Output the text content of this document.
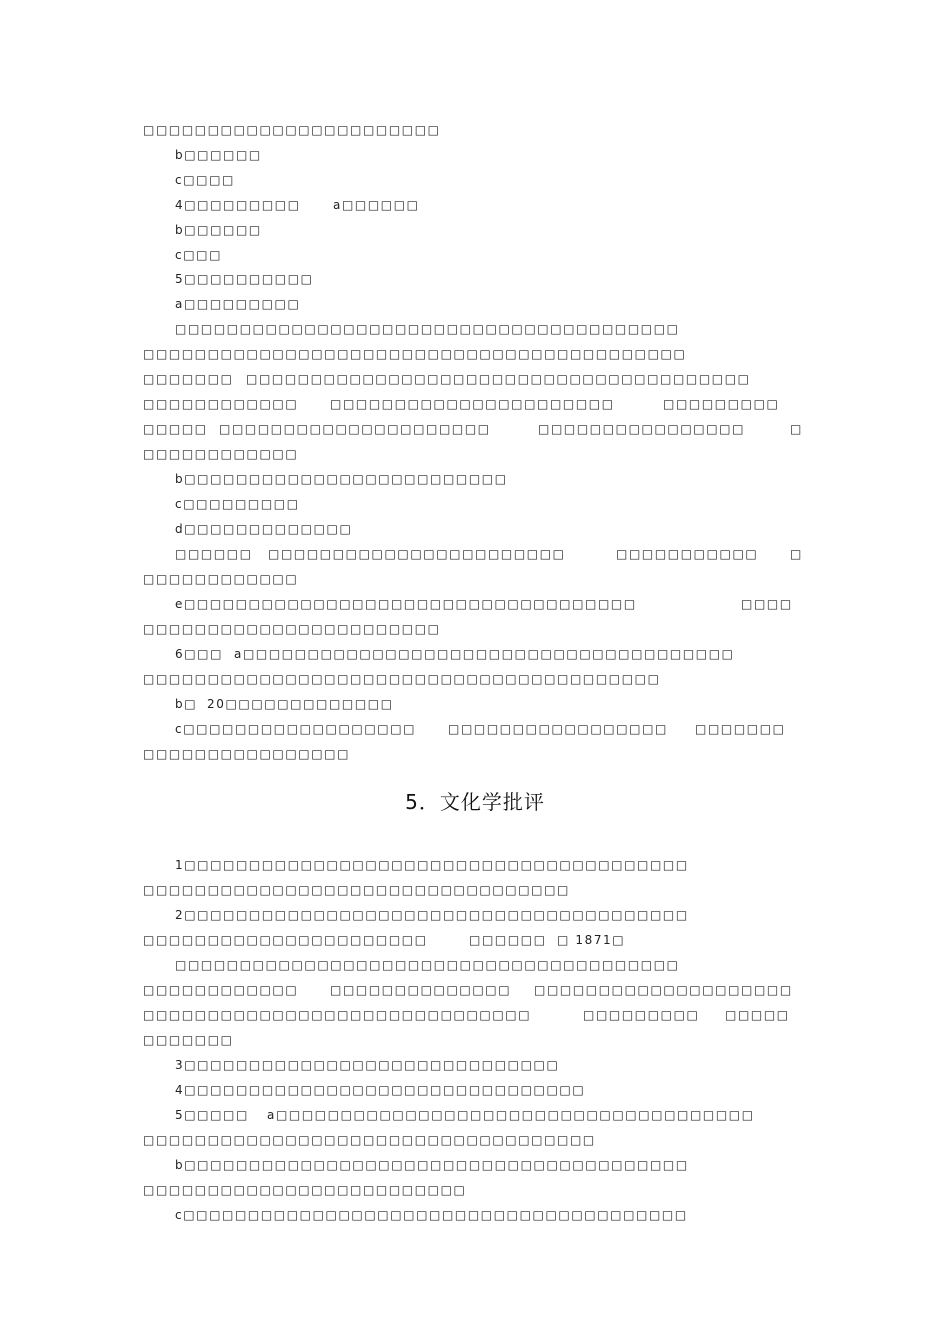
5．文化学批评
□□□□□□□□□□□□□□□□□□□□□□□
b□□□□□□
c□□□□
4□□□□□□□□□	a□□□□□□
b□□□□□□
c□□□
5□□□□□□□□□□
a□□□□□□□□□
□□□□□□□□□□□□□□□□□□□□□□□□□□□□□□□□□□□□□□□
□□□□□□□□□□□□□□□□□□□□□□□□□□□□□□□□□□□□□□□□□□
□□□□□□□ □□□□□□□□□□□□□□□□□□□□□□□□□□□□□□□□□□□□□□□
□□□□□□□□□□□□	□□□□□□□□□□□□□□□□□□□□□□	□□□□□□□□□
□□□□□ □□□□□□□□□□□□□□□□□□□□□	□□□□□□□□□□□□□□□□	□
□□□□□□□□□□□□
b□□□□□□□□□□□□□□□□□□□□□□□□□
c□□□□□□□□□
d□□□□□□□□□□□□□
□□□□□□ □□□□□□□□□□□□□□□□□□□□□□□	□□□□□□□□□□□	□
□□□□□□□□□□□□
e□□□□□□□□□□□□□□□□□□□□□□□□□□□□□□□□□□□	□□□□
□□□□□□□□□□□□□□□□□□□□□□□
6□□□ a□□□□□□□□□□□□□□□□□□□□□□□□□□□□□□□□□□□□□□
□□□□□□□□□□□□□□□□□□□□□□□□□□□□□□□□□□□□□□□□
b□ 20□□□□□□□□□□□□□
c□□□□□□□□□□□□□□□□□□	□□□□□□□□□□□□□□□□□ □□□□□□□
□□□□□□□□□□□□□□□□
1□□□□□□□□□□□□□□□□□□□□□□□□□□□□□□□□□□□□□□□
□□□□□□□□□□□□□□□□□□□□□□□□□□□□□□□□□
2□□□□□□□□□□□□□□□□□□□□□□□□□□□□□□□□□□□□□□□
□□□□□□□□□□□□□□□□□□□□□□	□□□□□□ □ 1871□
□□□□□□□□□□□□□□□□□□□□□□□□□□□□□□□□□□□□□□□
□□□□□□□□□□□□	□□□□□□□□□□□□□□ □□□□□□□□□□□□□□□□□□□□
□□□□□□□□□□□□□□□□□□□□□□□□□□□□□□	□□□□□□□□□ □□□□□
□□□□□□□
3□□□□□□□□□□□□□□□□□□□□□□□□□□□□□
4□□□□□□□□□□□□□□□□□□□□□□□□□□□□□□□
5□□□□□ a□□□□□□□□□□□□□□□□□□□□□□□□□□□□□□□□□□□□□
□□□□□□□□□□□□□□□□□□□□□□□□□□□□□□□□□□□
b□□□□□□□□□□□□□□□□□□□□□□□□□□□□□□□□□□□□□□□
□□□□□□□□□□□□□□□□□□□□□□□□□
c□□□□□□□□□□□□□□□□□□□□□□□□□□□□□□□□□□□□□□□
